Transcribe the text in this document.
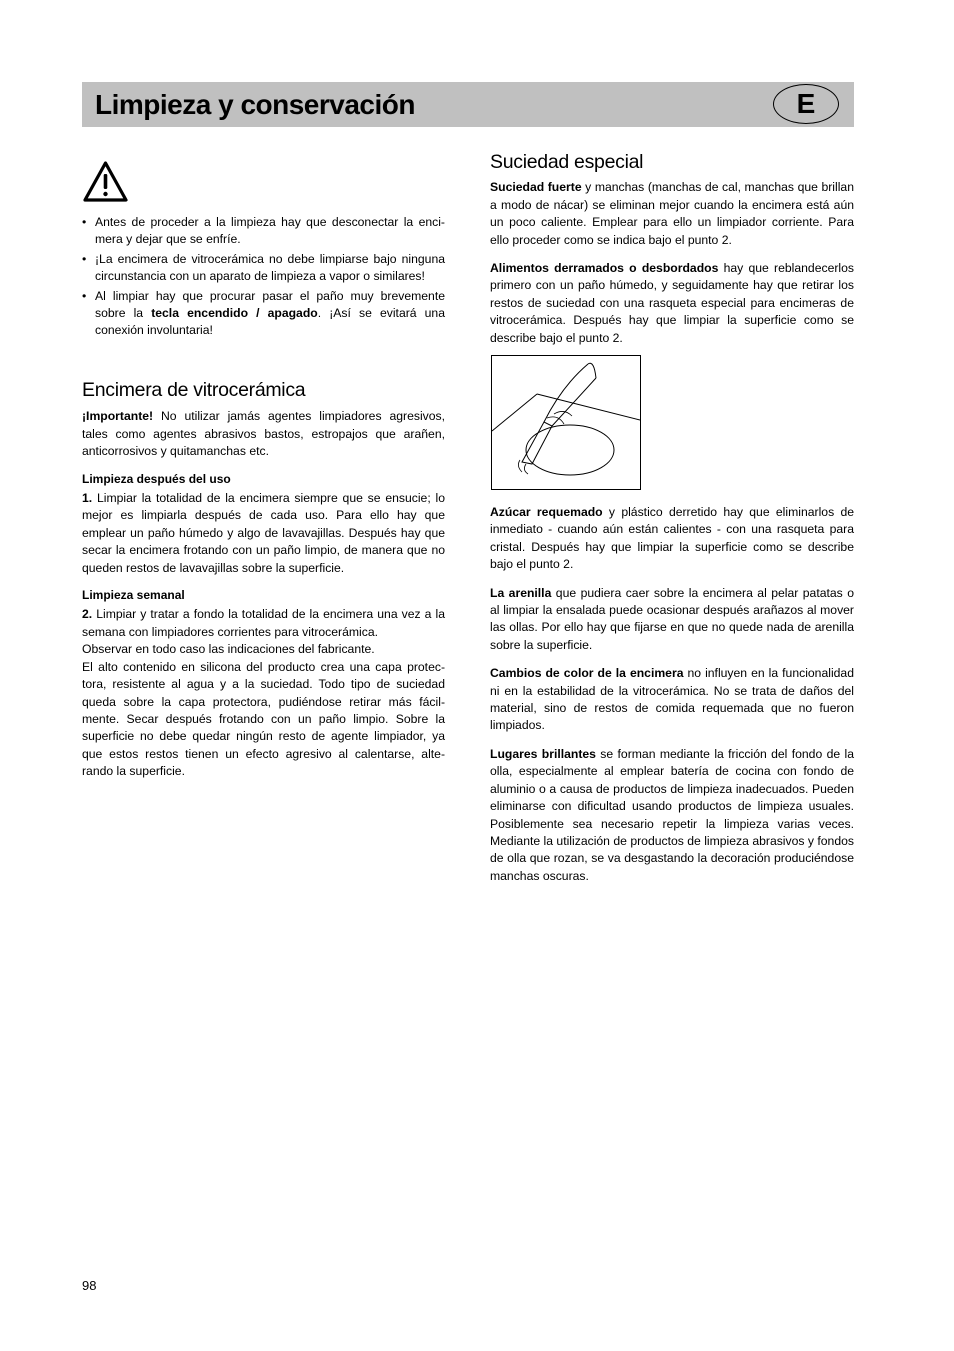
Limpieza y conservación	E
• Antes de proceder a la limpieza hay que desconectar la enci-mera y dejar que se enfríe.
• ¡La encimera de vitrocerámica no debe limpiarse bajo ninguna circunstancia con un aparato de limpieza a vapor o similares!
• Al limpiar hay que procurar pasar el paño muy brevemente sobre la tecla encendido / apagado. ¡Así se evitará una conexión involuntaria!
Encimera de vitrocerámica

¡Importante! No utilizar jamás agentes limpiadores agresivos, tales como agentes abrasivos bastos, estropajos que arañen, anticorrosivos y quitamanchas etc.

Limpieza después del uso

1. Limpiar la totalidad de la encimera siempre que se ensucie; lo mejor es limpiarla después de cada uso. Para ello hay que emplear un paño húmedo y algo de lavavajillas. Después hay que secar la encimera frotando con un paño limpio, de manera que no queden restos de lavavajillas sobre la superficie.

Limpieza semanal

2. Limpiar y tratar a fondo la totalidad de la encimera una vez a la semana con limpiadores corrientes para vitrocerámica.

Observar en todo caso las indicaciones del fabricante.

El alto contenido en silicona del producto crea una capa protec-tora, resistente al agua y a la suciedad. Todo tipo de suciedad queda sobre la capa protectora, pudiéndose retirar más fácil-mente. Secar después frotando con un paño limpio. Sobre la superficie no debe quedar ningún resto de agente limpiador, ya que estos restos tienen un efecto agresivo al calentarse, alte-rando la superficie.

Suciedad especial

Suciedad fuerte y manchas (manchas de cal, manchas que brillan a modo de nácar) se eliminan mejor cuando la encimera está aún un poco caliente. Emplear para ello un limpiador corriente. Para ello proceder como se indica bajo el punto 2.

Alimentos derramados o desbordados hay que reblandecerlos primero con un paño húmedo, y seguidamente hay que retirar los restos de suciedad con una rasqueta especial para encimeras de vitrocerámica. Después hay que limpiar la superficie como se describe bajo el punto 2.

Azúcar requemado y plástico derretido hay que eliminarlos de inmediato - cuando aún están calientes - con una rasqueta para cristal. Después hay que limpiar la superficie como se describe bajo el punto 2.

La arenilla que pudiera caer sobre la encimera al pelar patatas o al limpiar la ensalada puede ocasionar después arañazos al mover las ollas. Por ello hay que fijarse en que no quede nada de arenilla sobre la superficie.

Cambios de color de la encimera no influyen en la funcionalidad ni en la estabilidad de la vitrocerámica. No se trata de daños del material, sino de restos de comida requemada que no fueron limpiados.

Lugares brillantes se forman mediante la fricción del fondo de la olla, especialmente al emplear batería de cocina con fondo de aluminio o a causa de productos de limpieza inadecuados. Pueden eliminarse con dificultad usando productos de limpieza usuales. Posiblemente sea necesario repetir la limpieza varias veces. Mediante la utilización de productos de limpieza abrasivos y fondos de olla que rozan, se va desgastando la decoración produciéndose manchas oscuras.

98
